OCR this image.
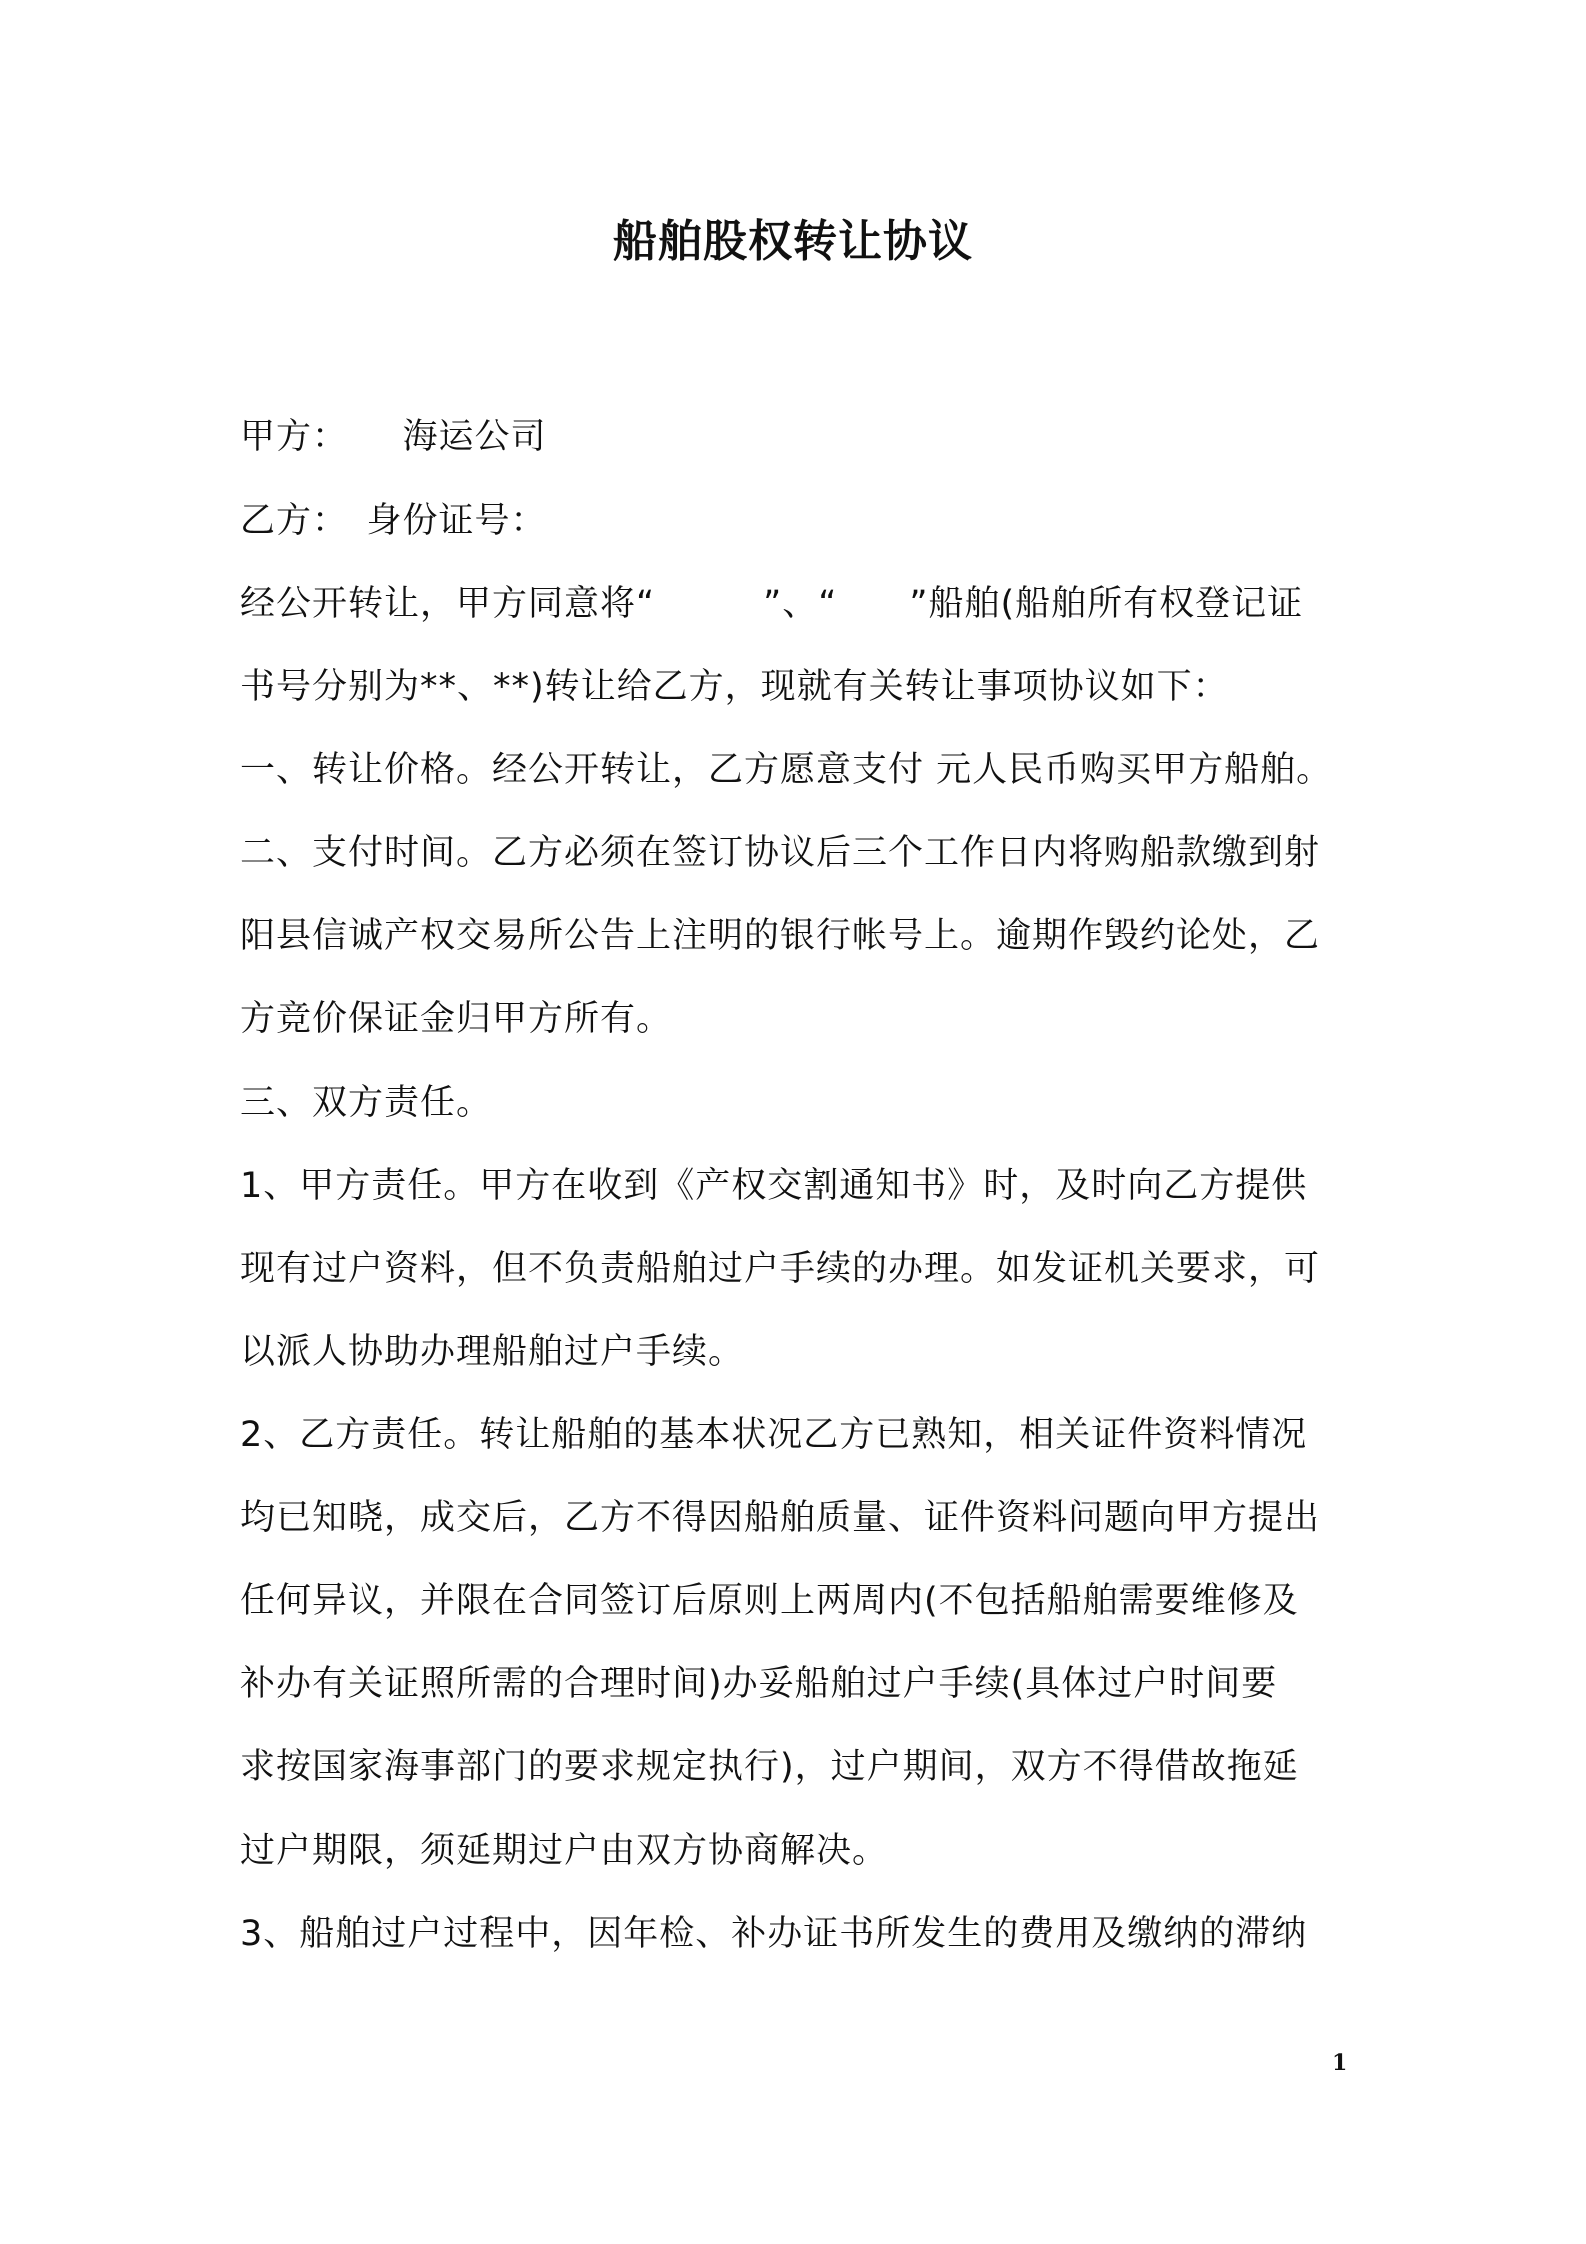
船舶股权转让协议
甲方：　　海运公司
乙方：　身份证号：
经公开转让，甲方同意将“　　　”、“　　”船舶(船舶所有权登记证
书号分别为**、**)转让给乙方，现就有关转让事项协议如下：
一、转让价格。经公开转让，乙方愿意支付 元人民币购买甲方船舶。
二、支付时间。乙方必须在签订协议后三个工作日内将购船款缴到射
阳县信诚产权交易所公告上注明的银行帐号上。逾期作毁约论处，乙
方竞价保证金归甲方所有。
三、双方责任。
1、甲方责任。甲方在收到《产权交割通知书》时，及时向乙方提供
现有过户资料，但不负责船舶过户手续的办理。如发证机关要求，可
以派人协助办理船舶过户手续。
2、乙方责任。转让船舶的基本状况乙方已熟知，相关证件资料情况
均已知晓，成交后，乙方不得因船舶质量、证件资料问题向甲方提出
任何异议，并限在合同签订后原则上两周内(不包括船舶需要维修及
补办有关证照所需的合理时间)办妥船舶过户手续(具体过户时间要
求按国家海事部门的要求规定执行)，过户期间，双方不得借故拖延
过户期限，须延期过户由双方协商解决。
3、船舶过户过程中，因年检、补办证书所发生的费用及缴纳的滞纳
1
